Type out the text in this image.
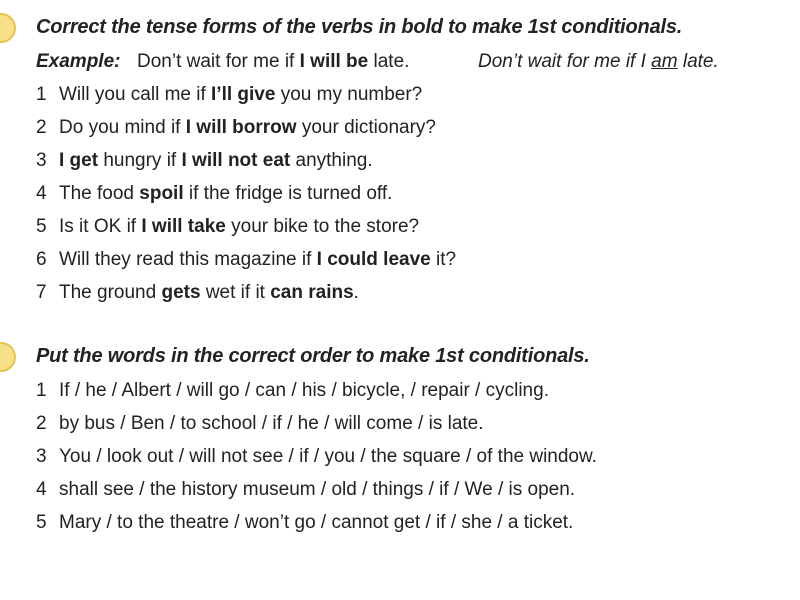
Correct the tense forms of the verbs in bold to make 1st conditionals.
Example: Don’t wait for me if I will be late.	Don’t wait for me if I am late.
1 Will you call me if I’ll give you my number?
2 Do you mind if I will borrow your dictionary?
3 I get hungry if I will not eat anything.
4 The food spoil if the fridge is turned off.
5 Is it OK if I will take your bike to the store?
6 Will they read this magazine if I could leave it?
7 The ground gets wet if it can rains.
Put the words in the correct order to make 1st conditionals.
1 If / he / Albert / will go / can / his / bicycle, / repair / cycling.
2 by bus / Ben / to school / if / he / will come / is late.
3 You / look out / will not see / if / you / the square / of the window.
4 shall see / the history museum / old / things / if / We / is open.
5 Mary / to the theatre / won’t go / cannot get / if / she / a ticket.
